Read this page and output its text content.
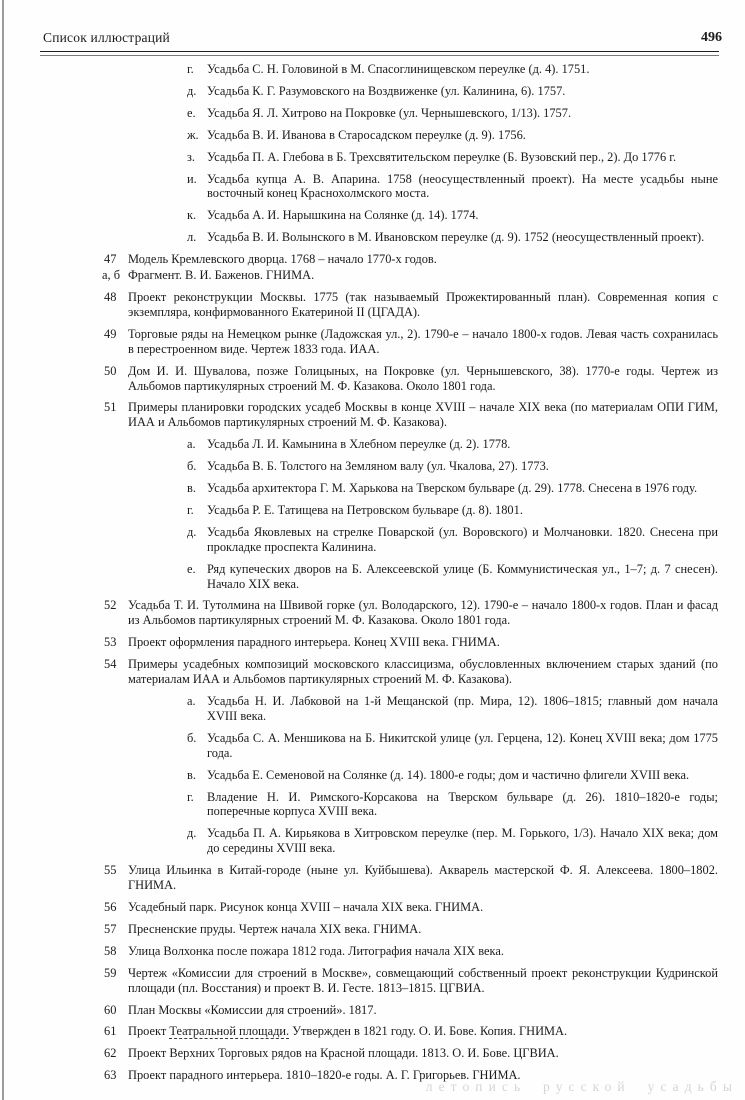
Список иллюстраций	496
г. Усадьба С. Н. Головиной в М. Спасоглинищевском переулке (д. 4). 1751.
д. Усадьба К. Г. Разумовского на Воздвиженке (ул. Калинина, 6). 1757.
е. Усадьба Я. Л. Хитрово на Покровке (ул. Чернышевского, 1/13). 1757.
ж. Усадьба В. И. Иванова в Старосадском переулке (д. 9). 1756.
з. Усадьба П. А. Глебова в Б. Трехсвятительском переулке (Б. Вузовский пер., 2). До 1776 г.
и. Усадьба купца А. В. Апарина. 1758 (неосуществленный проект). На месте усадьбы ныне восточный конец Краснохолмского моста.
к. Усадьба А. И. Нарышкина на Солянке (д. 14). 1774.
л. Усадьба В. И. Волынского в М. Ивановском переулке (д. 9). 1752 (неосуществленный проект).
47 Модель Кремлевского дворца. 1768 – начало 1770-х годов.
а, б Фрагмент. В. И. Баженов. ГНИМА.
48 Проект реконструкции Москвы. 1775 (так называемый Прожектированный план). Современная копия с экземпляра, конфирмованного Екатериной II (ЦГАДА).
49 Торговые ряды на Немецком рынке (Ладожская ул., 2). 1790-е – начало 1800-х годов. Левая часть сохранилась в перестроенном виде. Чертеж 1833 года. ИАА.
50 Дом И. И. Шувалова, позже Голицыных, на Покровке (ул. Чернышевского, 38). 1770-е годы. Чертеж из Альбомов партикулярных строений М. Ф. Казакова. Около 1801 года.
51 Примеры планировки городских усадеб Москвы в конце XVIII – начале XIX века (по материалам ОПИ ГИМ, ИАА и Альбомов партикулярных строений М. Ф. Казакова).
а. Усадьба Л. И. Камынина в Хлебном переулке (д. 2). 1778.
б. Усадьба В. Б. Толстого на Земляном валу (ул. Чкалова, 27). 1773.
в. Усадьба архитектора Г. М. Харькова на Тверском бульваре (д. 29). 1778. Снесена в 1976 году.
г. Усадьба Р. Е. Татищева на Петровском бульваре (д. 8). 1801.
д. Усадьба Яковлевых на стрелке Поварской (ул. Воровского) и Молчановки. 1820. Снесена при прокладке проспекта Калинина.
е. Ряд купеческих дворов на Б. Алексеевской улице (Б. Коммунистическая ул., 1–7; д. 7 снесен). Начало XIX века.
52 Усадьба Т. И. Тутолмина на Швивой горке (ул. Володарского, 12). 1790-е – начало 1800-х годов. План и фасад из Альбомов партикулярных строений М. Ф. Казакова. Около 1801 года.
53 Проект оформления парадного интерьера. Конец XVIII века. ГНИМА.
54 Примеры усадебных композиций московского классицизма, обусловленных включением старых зданий (по материалам ИАА и Альбомов партикулярных строений М. Ф. Казакова).
а. Усадьба Н. И. Лабковой на 1-й Мещанской (пр. Мира, 12). 1806–1815; главный дом начала XVIII века.
б. Усадьба С. А. Меншикова на Б. Никитской улице (ул. Герцена, 12). Конец XVIII века; дом 1775 года.
в. Усадьба Е. Семеновой на Солянке (д. 14). 1800-е годы; дом и частично флигели XVIII века.
г. Владение Н. И. Римского-Корсакова на Тверском бульваре (д. 26). 1810–1820-е годы; поперечные корпуса XVIII века.
д. Усадьба П. А. Кирьякова в Хитровском переулке (пер. М. Горького, 1/3). Начало XIX века; дом до середины XVIII века.
55 Улица Ильинка в Китай-городе (ныне ул. Куйбышева). Акварель мастерской Ф. Я. Алексеева. 1800–1802. ГНИМА.
56 Усадебный парк. Рисунок конца XVIII – начала XIX века. ГНИМА.
57 Пресненские пруды. Чертеж начала XIX века. ГНИМА.
58 Улица Волхонка после пожара 1812 года. Литография начала XIX века.
59 Чертеж «Комиссии для строений в Москве», совмещающий собственный проект реконструкции Кудринской площади (пл. Восстания) и проект В. И. Гесте. 1813–1815. ЦГВИА.
60 План Москвы «Комиссии для строений». 1817.
61 Проект Театральной площади. Утвержден в 1821 году. О. И. Бове. Копия. ГНИМА.
62 Проект Верхних Торговых рядов на Красной площади. 1813. О. И. Бове. ЦГВИА.
63 Проект парадного интерьера. 1810–1820-е годы. А. Г. Григорьев. ГНИМА.
летопись русской усадьбы
